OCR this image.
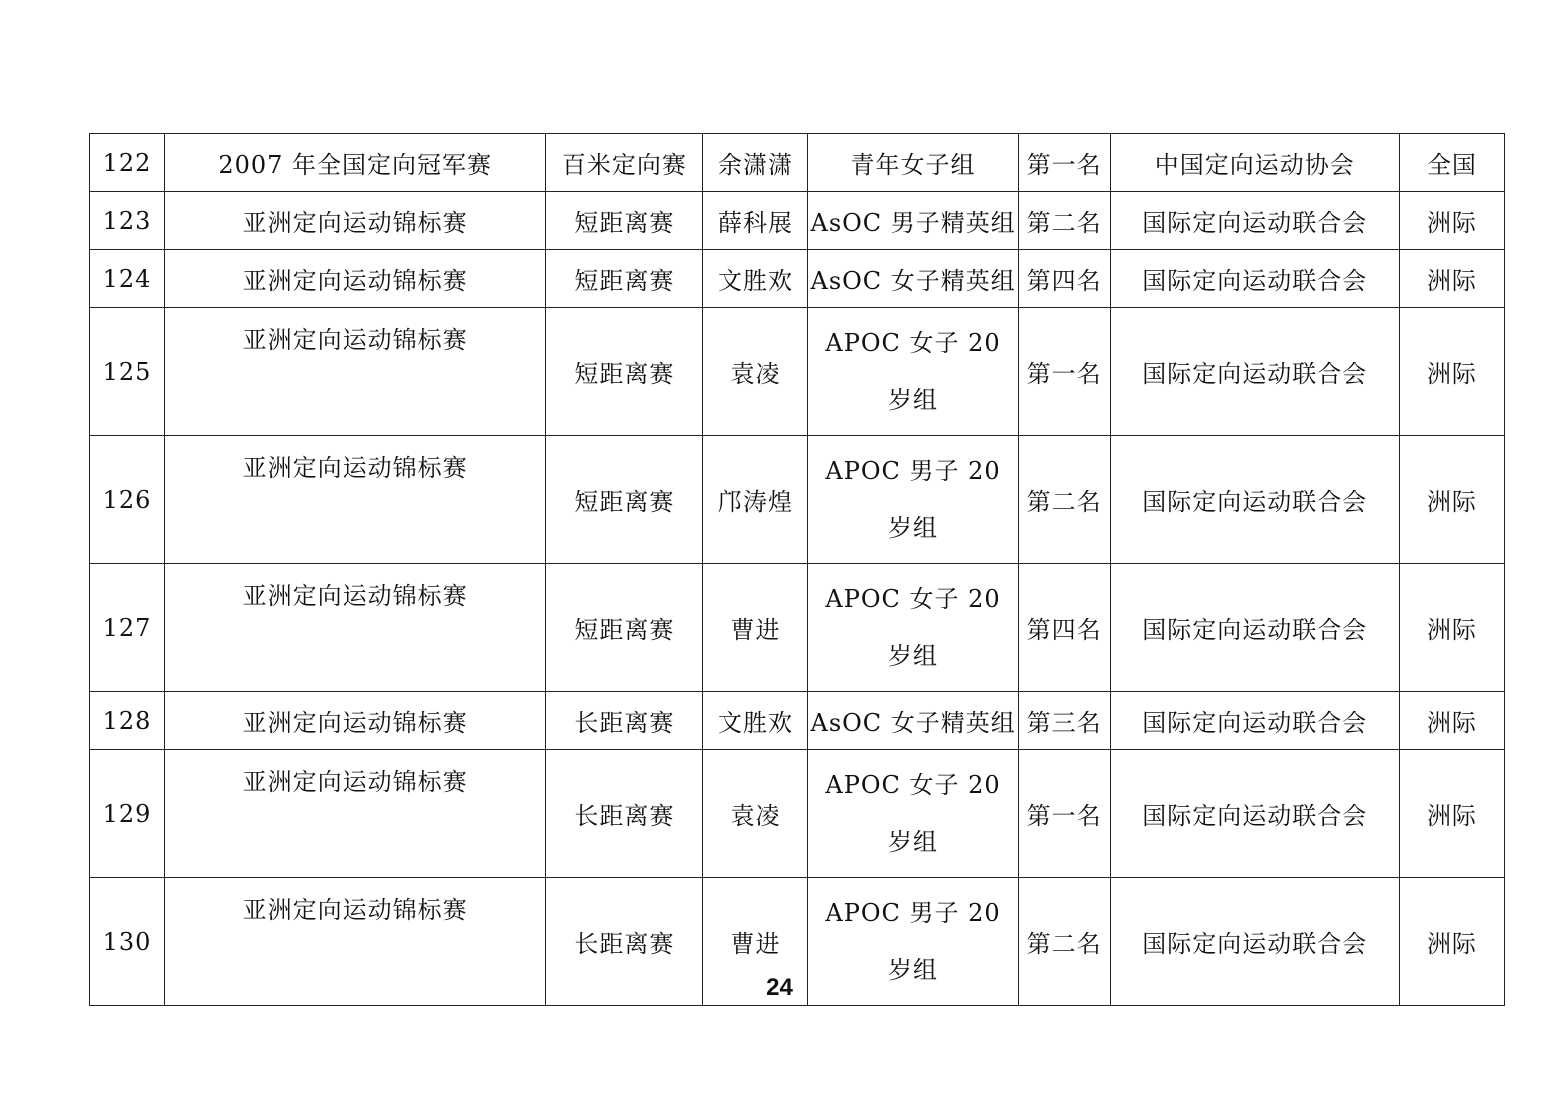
122	2007 年全国定向冠军赛	百米定向赛	余潇潇	青年女子组	第一名	中国定向运动协会	全国
123	亚洲定向运动锦标赛	短距离赛	薛科展	AsOC 男子精英组	第二名	国际定向运动联合会	洲际
124	亚洲定向运动锦标赛	短距离赛	文胜欢	AsOC 女子精英组	第四名	国际定向运动联合会	洲际
125	亚洲定向运动锦标赛	短距离赛	袁凌	APOC 女子 20 岁组	第一名	国际定向运动联合会	洲际
126	亚洲定向运动锦标赛	短距离赛	邝涛煌	APOC 男子 20 岁组	第二名	国际定向运动联合会	洲际
127	亚洲定向运动锦标赛	短距离赛	曹进	APOC 女子 20 岁组	第四名	国际定向运动联合会	洲际
128	亚洲定向运动锦标赛	长距离赛	文胜欢	AsOC 女子精英组	第三名	国际定向运动联合会	洲际
129	亚洲定向运动锦标赛	长距离赛	袁凌	APOC 女子 20 岁组	第一名	国际定向运动联合会	洲际
130	亚洲定向运动锦标赛	长距离赛	曹进	APOC 男子 20 岁组	第二名	国际定向运动联合会	洲际
24
